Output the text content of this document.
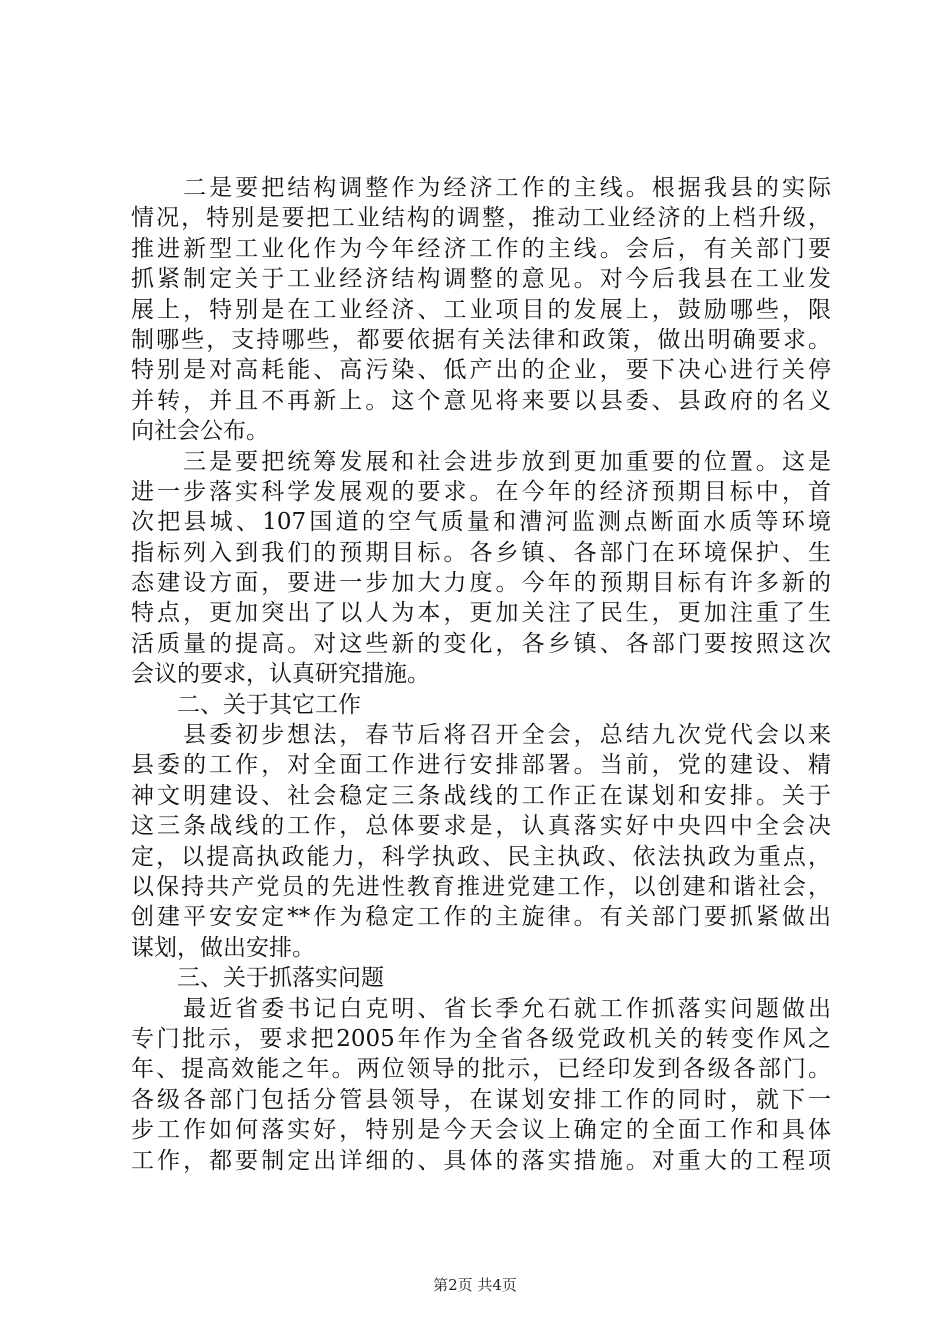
　　二是要把结构调整作为经济工作的主线。根据我县的实际
情况，特别是要把工业结构的调整，推动工业经济的上档升级，
推进新型工业化作为今年经济工作的主线。会后，有关部门要
抓紧制定关于工业经济结构调整的意见。对今后我县在工业发
展上，特别是在工业经济、工业项目的发展上，鼓励哪些，限
制哪些，支持哪些，都要依据有关法律和政策，做出明确要求。
特别是对高耗能、高污染、低产出的企业，要下决心进行关停
并转，并且不再新上。这个意见将来要以县委、县政府的名义
向社会公布。
　　三是要把统筹发展和社会进步放到更加重要的位置。这是
进一步落实科学发展观的要求。在今年的经济预期目标中，首
次把县城、107国道的空气质量和漕河监测点断面水质等环境
指标列入到我们的预期目标。各乡镇、各部门在环境保护、生
态建设方面，要进一步加大力度。今年的预期目标有许多新的
特点，更加突出了以人为本，更加关注了民生，更加注重了生
活质量的提高。对这些新的变化，各乡镇、各部门要按照这次
会议的要求，认真研究措施。
　　二、关于其它工作
　　县委初步想法，春节后将召开全会，总结九次党代会以来
县委的工作，对全面工作进行安排部署。当前，党的建设、精
神文明建设、社会稳定三条战线的工作正在谋划和安排。关于
这三条战线的工作，总体要求是，认真落实好中央四中全会决
定，以提高执政能力，科学执政、民主执政、依法执政为重点，
以保持共产党员的先进性教育推进党建工作，以创建和谐社会，
创建平安安定**作为稳定工作的主旋律。有关部门要抓紧做出
谋划，做出安排。
　　三、关于抓落实问题
　　最近省委书记白克明、省长季允石就工作抓落实问题做出
专门批示，要求把2005年作为全省各级党政机关的转变作风之
年、提高效能之年。两位领导的批示，已经印发到各级各部门。
各级各部门包括分管县领导，在谋划安排工作的同时，就下一
步工作如何落实好，特别是今天会议上确定的全面工作和具体
工作，都要制定出详细的、具体的落实措施。对重大的工程项
第2页 共4页
